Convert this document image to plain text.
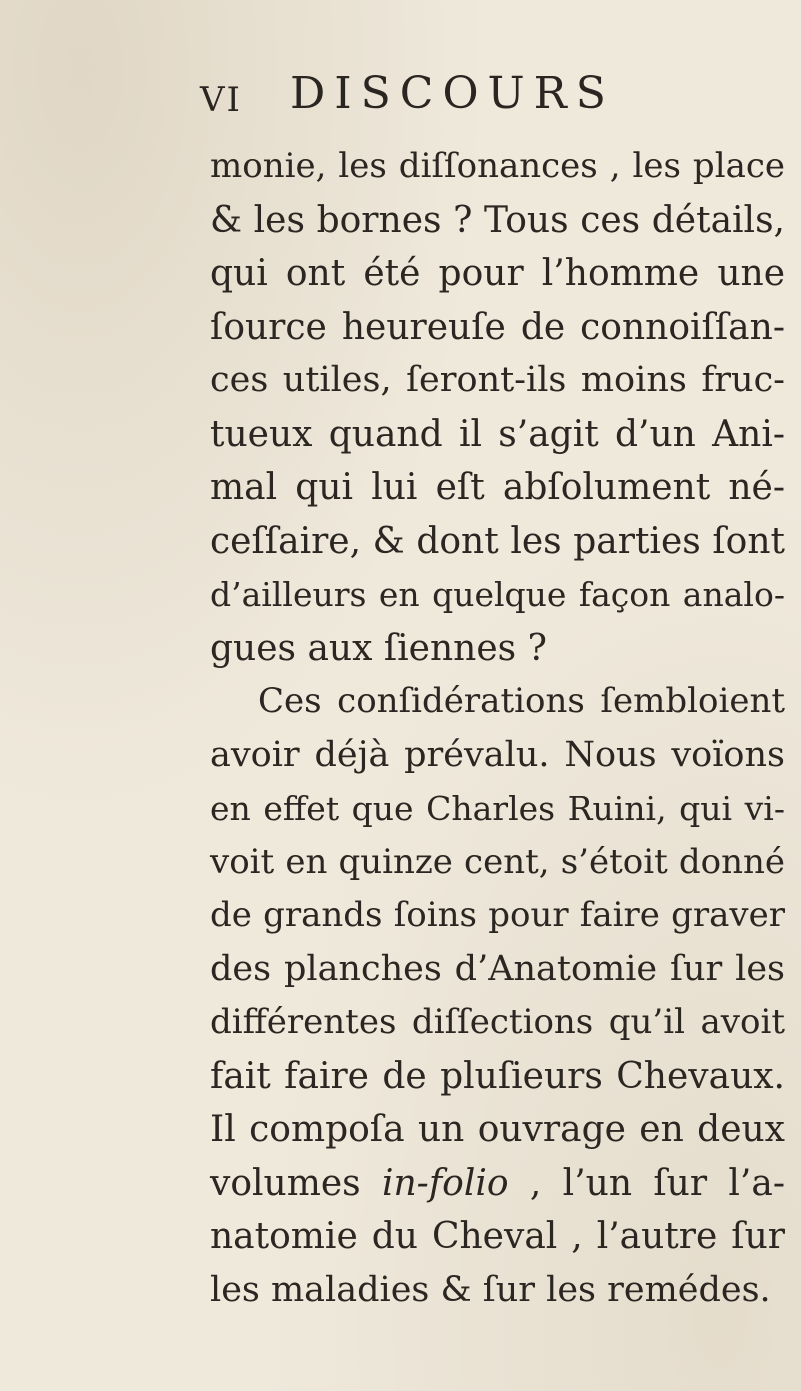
VI DISCOURS
monie, les diſſonances , les place
& les bornes ? Tous ces détails,
qui ont été pour l’homme une
ſource heureuſe de connoiſſan-
ces utiles, ſeront-ils moins fruc-
tueux quand il s’agit d’un Ani-
mal qui lui eſt abſolument né-
ceſſaire, & dont les parties ſont
d’ailleurs en quelque façon analo-
gues aux ſiennes ?
Ces conſidérations ſembloient
avoir déjà prévalu. Nous voïons
en effet que Charles Ruini, qui vi-
voit en quinze cent, s’étoit donné
de grands ſoins pour faire graver
des planches d’Anatomie ſur les
différentes diſſections qu’il avoit
fait faire de pluſieurs Chevaux.
Il compoſa un ouvrage en deux
volumes in-folio , l’un ſur l’a-
natomie du Cheval , l’autre ſur
les maladies & ſur les remédes.
